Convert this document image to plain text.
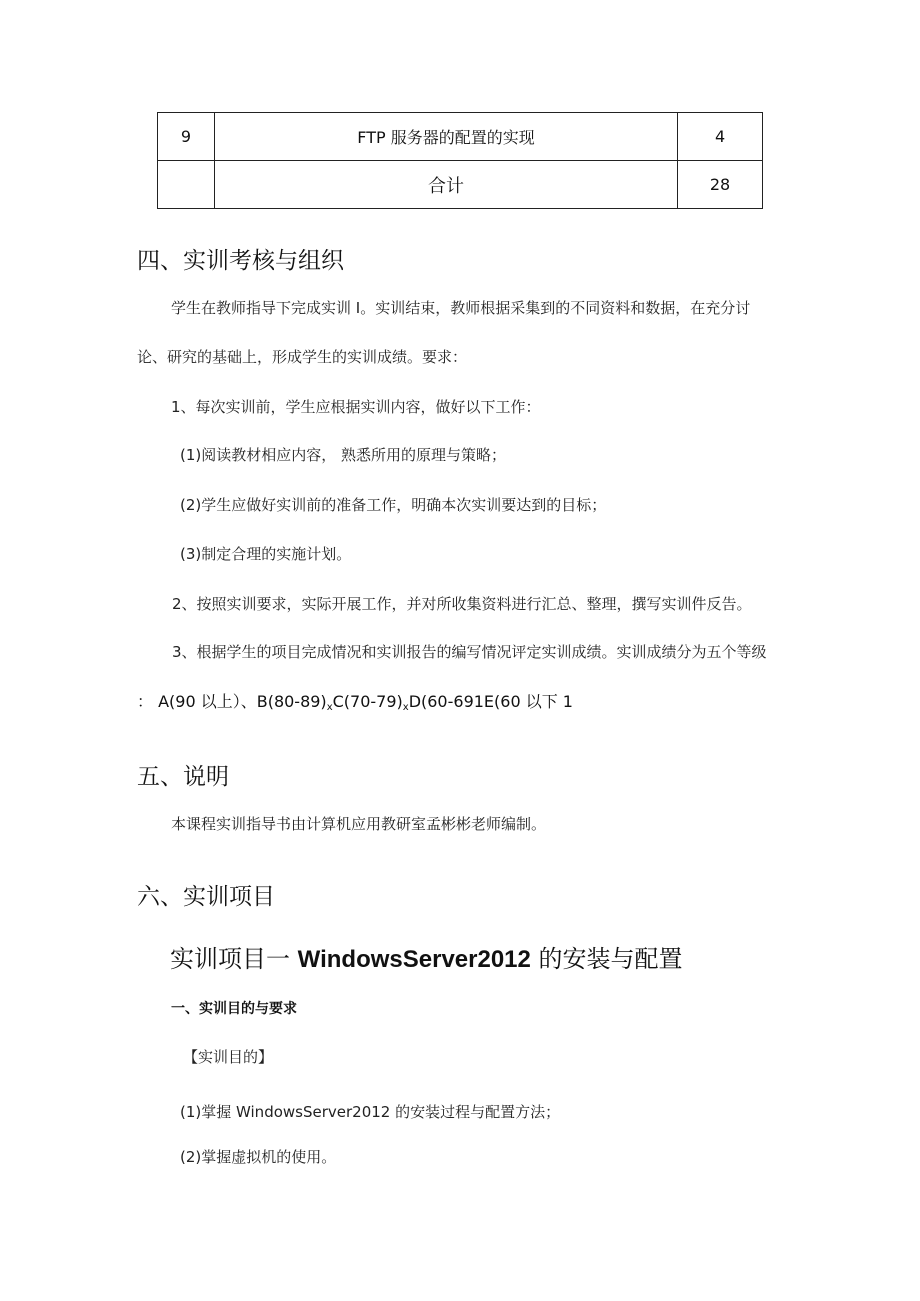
9	FTP 服务器的配置的实现	4
	合计	28
四、实训考核与组织
学生在教师指导下完成实训 I。实训结束，教师根据采集到的不同资料和数据，在充分讨
论、研究的基础上，形成学生的实训成绩。要求：
1、每次实训前，学生应根据实训内容，做好以下工作：
(1)阅读教材相应内容， 熟悉所用的原理与策略；
(2)学生应做好实训前的准备工作，明确本次实训要达到的目标；
(3)制定合理的实施计划。
2、按照实训要求，实际开展工作，并对所收集资料进行汇总、整理，撰写实训件反告。
3、根据学生的项目完成情况和实训报告的编写情况评定实训成绩。实训成绩分为五个等级
： A(90 以上）、$B(80-89)_xC(70-79)_xD(60-691E(60$ 以下 1
五、说明
本课程实训指导书由计算机应用教研室孟彬彬老师编制。
六、实训项目
实训项目一 WindowsServer2012 的安装与配置
一、实训目的与要求
【实训目的】
(1)掌握 WindowsServer2012 的安装过程与配置方法；
(2)掌握虚拟机的使用。
